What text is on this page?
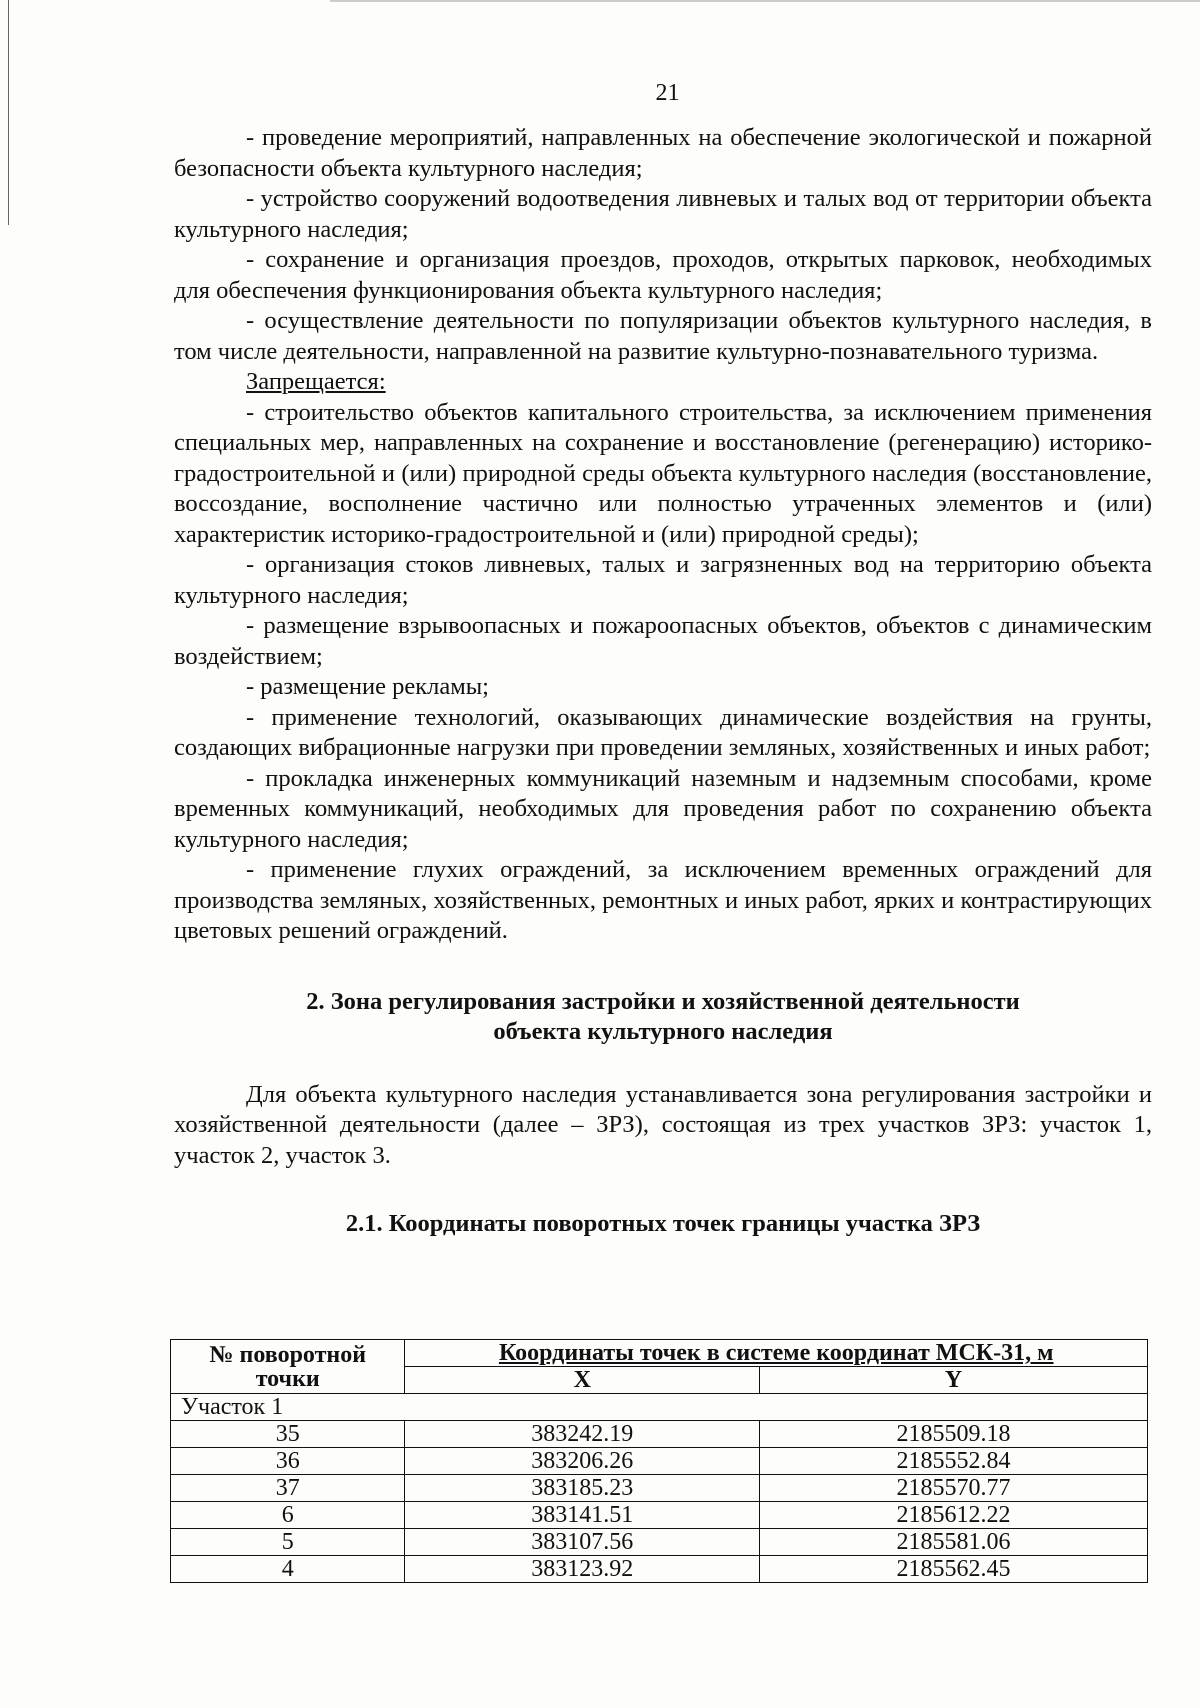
21

- проведение мероприятий, направленных на обеспечение экологической и пожарной безопасности объекта культурного наследия;

- устройство сооружений водоотведения ливневых и талых вод от территории объекта культурного наследия;

- сохранение и организация проездов, проходов, открытых парковок, необходимых для обеспечения функционирования объекта культурного наследия;

- осуществление деятельности по популяризации объектов культурного наследия, в том числе деятельности, направленной на развитие культурно-познавательного туризма.

Запрещается:

- строительство объектов капитального строительства, за исключением применения специальных мер, направленных на сохранение и восстановление (регенерацию) историко-градостроительной и (или) природной среды объекта культурного наследия (восстановление, воссоздание, восполнение частично или полностью утраченных элементов и (или) характеристик историко-градостроительной и (или) природной среды);

- организация стоков ливневых, талых и загрязненных вод на территорию объекта культурного наследия;

- размещение взрывоопасных и пожароопасных объектов, объектов с динамическим воздействием;

- размещение рекламы;

- применение технологий, оказывающих динамические воздействия на грунты, создающих вибрационные нагрузки при проведении земляных, хозяйственных и иных работ;

- прокладка инженерных коммуникаций наземным и надземным способами, кроме временных коммуникаций, необходимых для проведения работ по сохранению объекта культурного наследия;

- применение глухих ограждений, за исключением временных ограждений для производства земляных, хозяйственных, ремонтных и иных работ, ярких и контрастирующих цветовых решений ограждений.

2. Зона регулирования застройки и хозяйственной деятельности
объекта культурного наследия

Для объекта культурного наследия устанавливается зона регулирования застройки и хозяйственной деятельности (далее – ЗРЗ), состоящая из трех участков ЗРЗ: участок 1, участок 2, участок 3.

2.1. Координаты поворотных точек границы участка ЗРЗ
№ поворотной
точки	Координаты точек в системе координат МСК-31, м	
	X	Y
Участок 1		
35	383242.19	2185509.18
36	383206.26	2185552.84
37	383185.23	2185570.77
6	383141.51	2185612.22
5	383107.56	2185581.06
4	383123.92	2185562.45
